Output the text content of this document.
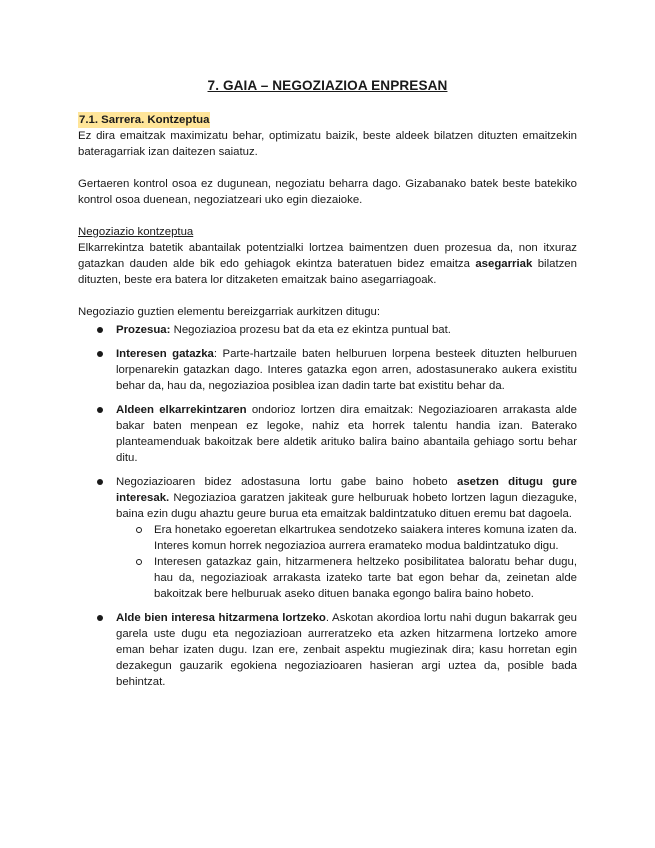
7. GAIA – NEGOZIAZIOA ENPRESAN
7.1. Sarrera. Kontzeptua

Ez dira emaitzak maximizatu behar, optimizatu baizik, beste aldeek bilatzen dituzten emaitzekin bateragarriak izan daitezen saiatuz.

Gertaeren kontrol osoa ez dugunean, negoziatu beharra dago. Gizabanako batek beste batekiko kontrol osoa duenean, negoziatzeari uko egin diezaioke.

Negoziazio kontzeptua

Elkarrekintza batetik abantailak potentzialki lortzea baimentzen duen prozesua da, non itxuraz gatazkan dauden alde bik edo gehiagok ekintza bateratuen bidez emaitza asegarriak bilatzen dituzten, beste era batera lor ditzaketen emaitzak baino asegarriagoak.

Negoziazio guztien elementu bereizgarriak aurkitzen ditugu:

Prozesua: Negoziazioa prozesu bat da eta ez ekintza puntual bat.

Interesen gatazka: Parte-hartzaile baten helburuen lorpena besteek dituzten helburuen lorpenarekin gatazkan dago. Interes gatazka egon arren, adostasunerako aukera existitu behar da, hau da, negoziazioa posiblea izan dadin tarte bat existitu behar da.

Aldeen elkarrekintzaren ondorioz lortzen dira emaitzak: Negoziazioaren arrakasta alde bakar baten menpean ez legoke, nahiz eta horrek talentu handia izan. Baterako planteamenduak bakoitzak bere aldetik arituko balira baino abantaila gehiago sortu behar ditu.

Negoziazioaren bidez adostasuna lortu gabe baino hobeto asetzen ditugu gure interesak. Negoziazioa garatzen jakiteak gure helburuak hobeto lortzen lagun diezaguke, baina ezin dugu ahaztu geure burua eta emaitzak baldintzatuko dituen eremu bat dagoela.

Era honetako egoeretan elkartrukea sendotzeko saiakera interes komuna izaten da. Interes komun horrek negoziazioa aurrera eramateko modua baldintzatuko digu.

Interesen gatazkaz gain, hitzarmenera heltzeko posibilitatea baloratu behar dugu, hau da, negoziazioak arrakasta izateko tarte bat egon behar da, zeinetan alde bakoitzak bere helburuak aseko dituen banaka egongo balira baino hobeto.

Alde bien interesa hitzarmena lortzeko. Askotan akordioa lortu nahi dugun bakarrak geu garela uste dugu eta negoziazioan aurreratzeko eta azken hitzarmena lortzeko amore eman behar izaten dugu. Izan ere, zenbait aspektu mugiezinak dira; kasu horretan egin dezakegun gauzarik egokiena negoziazioaren hasieran argi uztea da, posible bada behintzat.
